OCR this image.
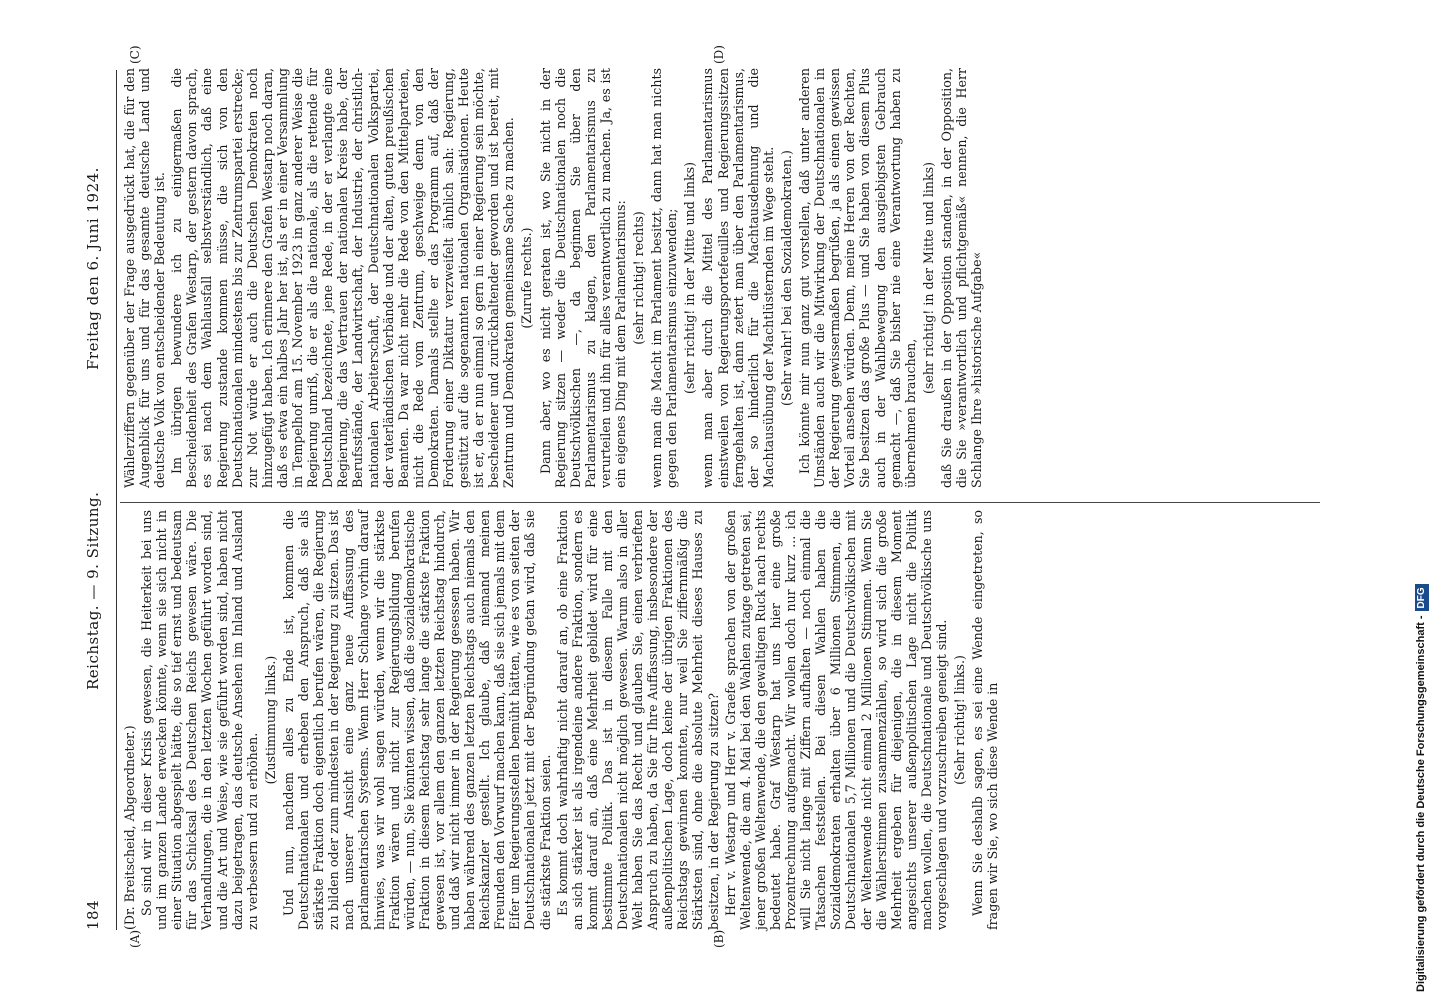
184
Reichstag. — 9. Sitzung.
Freitag den 6. Juni 1924.
(A)	(B)
(C)	(D)

(Dr. Breitscheid, Abgeordneter.) So sind wir in dieser Krisis gewesen, die Heiterkeit bei uns und im ganzen Lande erwecken könnte, wenn sie sich nicht in einer Situation abgespielt hätte, die so tief ernst und bedeutsam für das Schicksal des Deutschen Reichs gewesen wäre. Die Verhandlungen, die in den letzten Wochen geführt worden sind, und die Art und Weise, wie sie geführt worden sind, haben nicht dazu beigetragen, das deutsche Ansehen im Inland und Ausland zu verbessern und zu erhöhen.

(Zustimmung links.) Und nun, nachdem alles zu Ende ist, kommen die Deutschnationalen und erheben den Anspruch, daß sie als stärkste Fraktion doch eigentlich berufen wären, die Regierung zu bilden oder zum mindesten in der Regierung zu sitzen. Das ist nach unserer Ansicht eine ganz neue Auffassung des parlamentarischen Systems. Wenn Herr Schlange vorhin darauf hinwies, was wir wohl sagen würden, wenn wir die stärkste Fraktion wären und nicht zur Regierungsbildung berufen würden, — nun, Sie könnten wissen, daß die sozialdemokratische Fraktion in diesem Reichstag sehr lange die stärkste Fraktion gewesen ist, vor allem den ganzen letzten Reichstag hindurch, und daß wir nicht immer in der Regierung gesessen haben. Wir haben während des ganzen letzten Reichstags auch niemals den Reichskanzler gestellt. Ich glaube, daß niemand meinen Freunden den Vorwurf machen kann, daß sie sich jemals mit dem Eifer um Regierungsstellen bemüht hätten, wie es von seiten der Deutschnationalen jetzt mit der Begründung getan wird, daß sie die stärkste Fraktion seien. Es kommt doch wahrhaftig nicht darauf an, ob eine Fraktion an sich stärker ist als irgendeine andere Fraktion, sondern es kommt darauf an, daß eine Mehrheit gebildet wird für eine bestimmte Politik. Das ist in diesem Falle mit den Deutschnationalen nicht möglich gewesen. Warum also in aller Welt haben Sie das Recht und glauben Sie, einen verbrieften Anspruch zu haben, da Sie für Ihre Auffassung, insbesondere der außenpolitischen Lage, doch keine der übrigen Fraktionen des Reichstags gewinnen konnten, nur weil Sie ziffernmäßig die Stärksten sind, ohne die absolute Mehrheit dieses Hauses zu besitzen, in der Regierung zu sitzen? Herr v. Westarp und Herr v. Graefe sprachen von der großen Weltenwende, die am 4. Mai bei den Wahlen zutage getreten sei, jener großen Weltenwende, die den gewaltigen Ruck nach rechts bedeutet habe. Graf Westarp hat uns hier eine große Prozentrechnung aufgemacht. Wir wollen doch nur kurz ... ich will Sie nicht lange mit Ziffern aufhalten — noch einmal die Tatsachen feststellen. Bei diesen Wahlen haben die Sozialdemokraten erhalten über 6 Millionen Stimmen, die Deutschnationalen 5,7 Millionen und die Deutschvölkischen mit der Weltenwende nicht einmal 2 Millionen Stimmen. Wenn Sie die Wählerstimmen zusammenzählen, so wird sich die große Mehrheit ergeben für diejenigen, die in diesem Moment angesichts unserer außenpolitischen Lage nicht die Politik machen wollen, die Deutschnationale und Deutschvölkische uns vorgeschlagen und vorzuschreiben geneigt sind. (Sehr richtig! links.) Wenn Sie deshalb sagen, es sei eine Wende eingetreten, so fragen wir Sie, wo sich diese Wende in

Wählerziffern gegenüber der Frage ausgedrückt hat, die für den Augenblick für uns und für das gesamte deutsche Land und deutsche Volk von entscheidender Bedeutung ist. Im übrigen bewundere ich zu einigermaßen die Bescheidenheit des Grafen Westarp, der gestern davon sprach, es sei nach dem Wahlausfall selbstverständlich, daß eine Regierung zustande kommen müsse, die sich von den Deutschnationalen mindestens bis zur Zentrumspartei erstrecke; zur Not würde er auch die Deutschen Demokraten noch hinzugefügt haben. Ich erinnere den Grafen Westarp noch daran, daß es etwa ein halbes Jahr her ist, als er in einer Versammlung in Tempelhof am 15. November 1923 in ganz anderer Weise die Regierung umriß, die er als die nationale, als die rettende für Deutschland bezeichnete, jene Rede, in der er verlangte eine Regierung, die das Vertrauen der nationalen Kreise habe, der Berufsstände, der Landwirtschaft, der Industrie, der christlich-nationalen Arbeiterschaft, der Deutschnationalen Volkspartei, der vaterländischen Verbände und der alten, guten preußischen Beamten. Da war nicht mehr die Rede von den Mittelparteien, nicht die Rede vom Zentrum, geschweige denn von den Demokraten. Damals stellte er das Programm auf, daß der Forderung einer Diktatur verzweifelt ähnlich sah: Regierung, gestützt auf die sogenannten nationalen Organisationen. Heute ist er, da er nun einmal so gern in einer Regierung sein möchte, bescheidener und zurückhaltender geworden und ist bereit, mit Zentrum und Demokraten gemeinsame Sache zu machen. (Zurufe rechts.) Dann aber, wo es nicht geraten ist, wo Sie nicht in der Regierung sitzen — weder die Deutschnationalen noch die Deutschvölkischen —, da beginnen Sie über den Parlamentarismus zu klagen, den Parlamentarismus zu verurteilen und ihn für alles verantwortlich zu machen. Ja, es ist ein eigenes Ding mit dem Parlamentarismus: (sehr richtig! rechts) wenn man die Macht im Parlament besitzt, dann hat man nichts gegen den Parlamentarismus einzuwenden; (sehr richtig! in der Mitte und links) wenn man aber durch die Mittel des Parlamentarismus einstweilen von Regierungsportefeuilles und Regierungssitzen ferngehalten ist, dann zetert man über den Parlamentarismus, der so hinderlich für die Machtausdehnung und die Machtausübung der Machtlüsternden im Wege steht. (Sehr wahr! bei den Sozialdemokraten.) Ich könnte mir nun ganz gut vorstellen, daß unter anderen Umständen auch wir die Mitwirkung der Deutschnationalen in der Regierung gewissermaßen begrüßen, ja als einen gewissen Vorteil ansehen würden. Denn, meine Herren von der Rechten, Sie besitzen das große Plus — und Sie haben von diesem Plus auch in der Wahlbewegung den ausgiebigsten Gebrauch gemacht —, daß Sie bisher nie eine Verantwortung haben zu übernehmen brauchen,

(sehr richtig! in der Mitte und links) daß Sie draußen in der Opposition standen, in der Opposition, die Sie »verantwortlich und pflichtgemäß« nennen, die Herr Schlange Ihre »historische Aufgabe«

Digitalisierung gefördert durch die Deutsche Forschungsgemeinschaft -DFG
